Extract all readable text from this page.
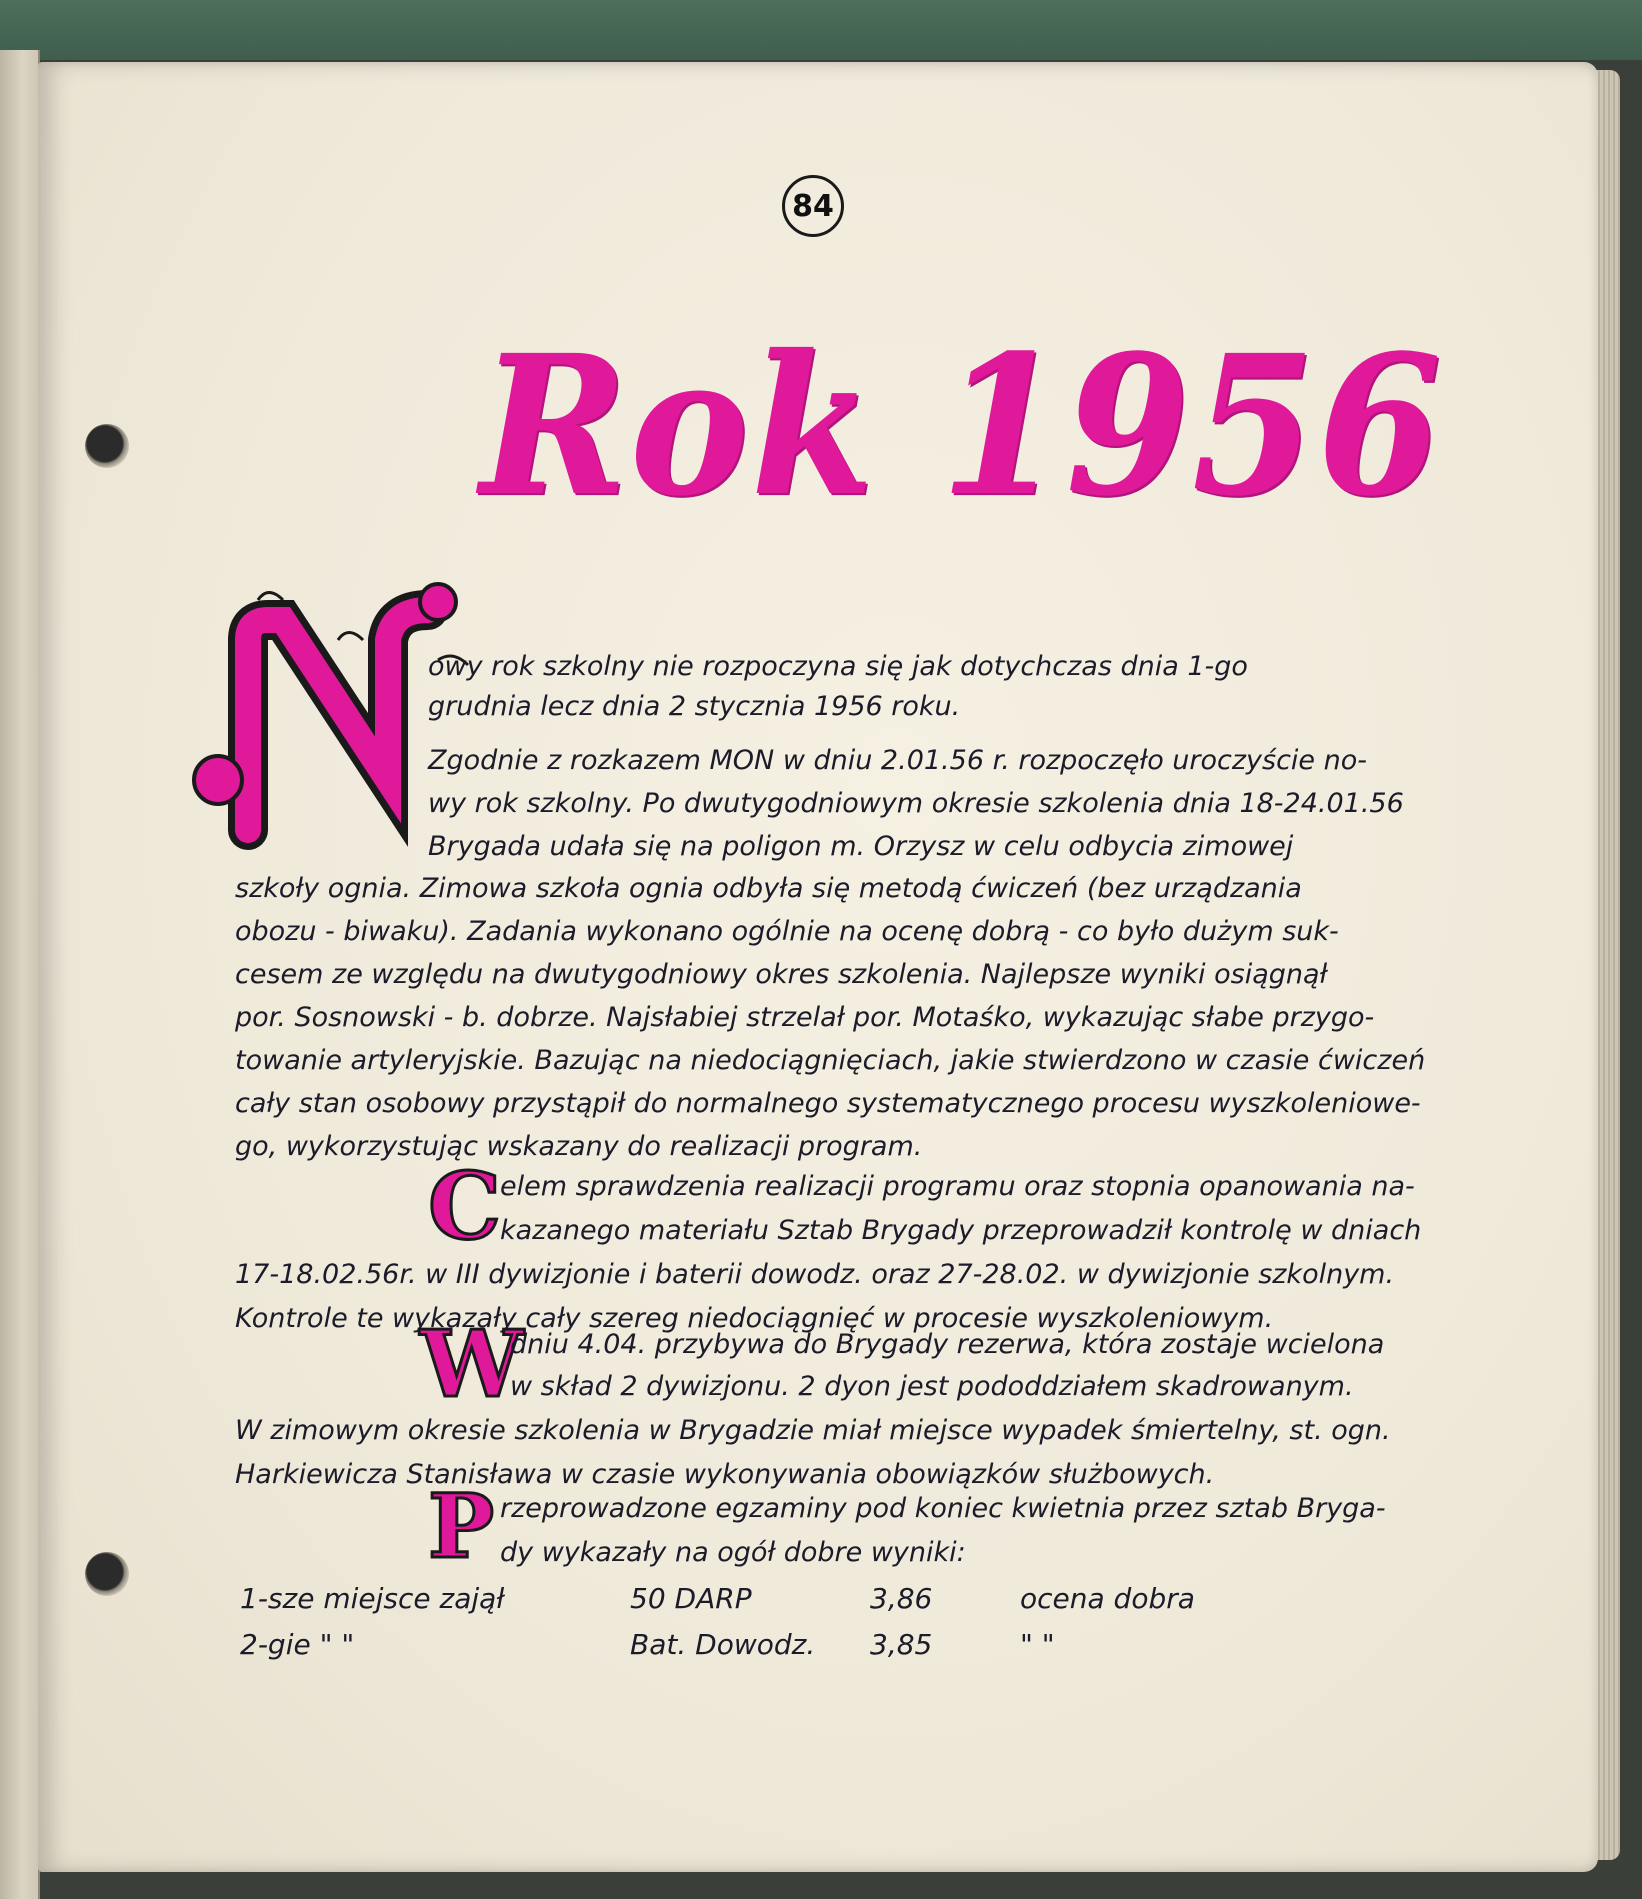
84
Rok 1956
owy rok szkolny nie rozpoczyna się jak dotychczas dnia 1-go
grudnia lecz dnia 2 stycznia 1956 roku.
Zgodnie z rozkazem MON w dniu 2.01.56 r. rozpoczęło uroczyście no-
wy rok szkolny. Po dwutygodniowym okresie szkolenia dnia 18-24.01.56
Brygada udała się na poligon m. Orzysz w celu odbycia zimowej
szkoły ognia. Zimowa szkoła ognia odbyła się metodą ćwiczeń (bez urządzania
obozu - biwaku). Zadania wykonano ogólnie na ocenę dobrą - co było dużym suk-
cesem ze względu na dwutygodniowy okres szkolenia. Najlepsze wyniki osiągnął
por. Sosnowski - b. dobrze. Najsłabiej strzelał por. Motaśko, wykazując słabe przygo-
towanie artyleryjskie. Bazując na niedociągnięciach, jakie stwierdzono w czasie ćwiczeń
cały stan osobowy przystąpił do normalnego systematycznego procesu wyszkoleniowe-
go, wykorzystując wskazany do realizacji program.
C
elem sprawdzenia realizacji programu oraz stopnia opanowania na-
kazanego materiału Sztab Brygady przeprowadził kontrolę w dniach
17-18.02.56r. w III dywizjonie i baterii dowodz. oraz 27-28.02. w dywizjonie szkolnym.
Kontrole te wykazały cały szereg niedociągnięć w procesie wyszkoleniowym.
W
dniu 4.04. przybywa do Brygady rezerwa, która zostaje wcielona
w skład 2 dywizjonu. 2 dyon jest pododdziałem skadrowanym.
W zimowym okresie szkolenia w Brygadzie miał miejsce wypadek śmiertelny, st. ogn.
Harkiewicza Stanisława w czasie wykonywania obowiązków służbowych.
P rzeprowadzone egzaminy pod koniec kwietnia przez sztab Bryga-
dy wykazały na ogół dobre wyniki:
1-sze miejsce zajął	50 DARP	3,86	ocena dobra
2-gie " "	Bat. Dowodz. 3,85	" "
